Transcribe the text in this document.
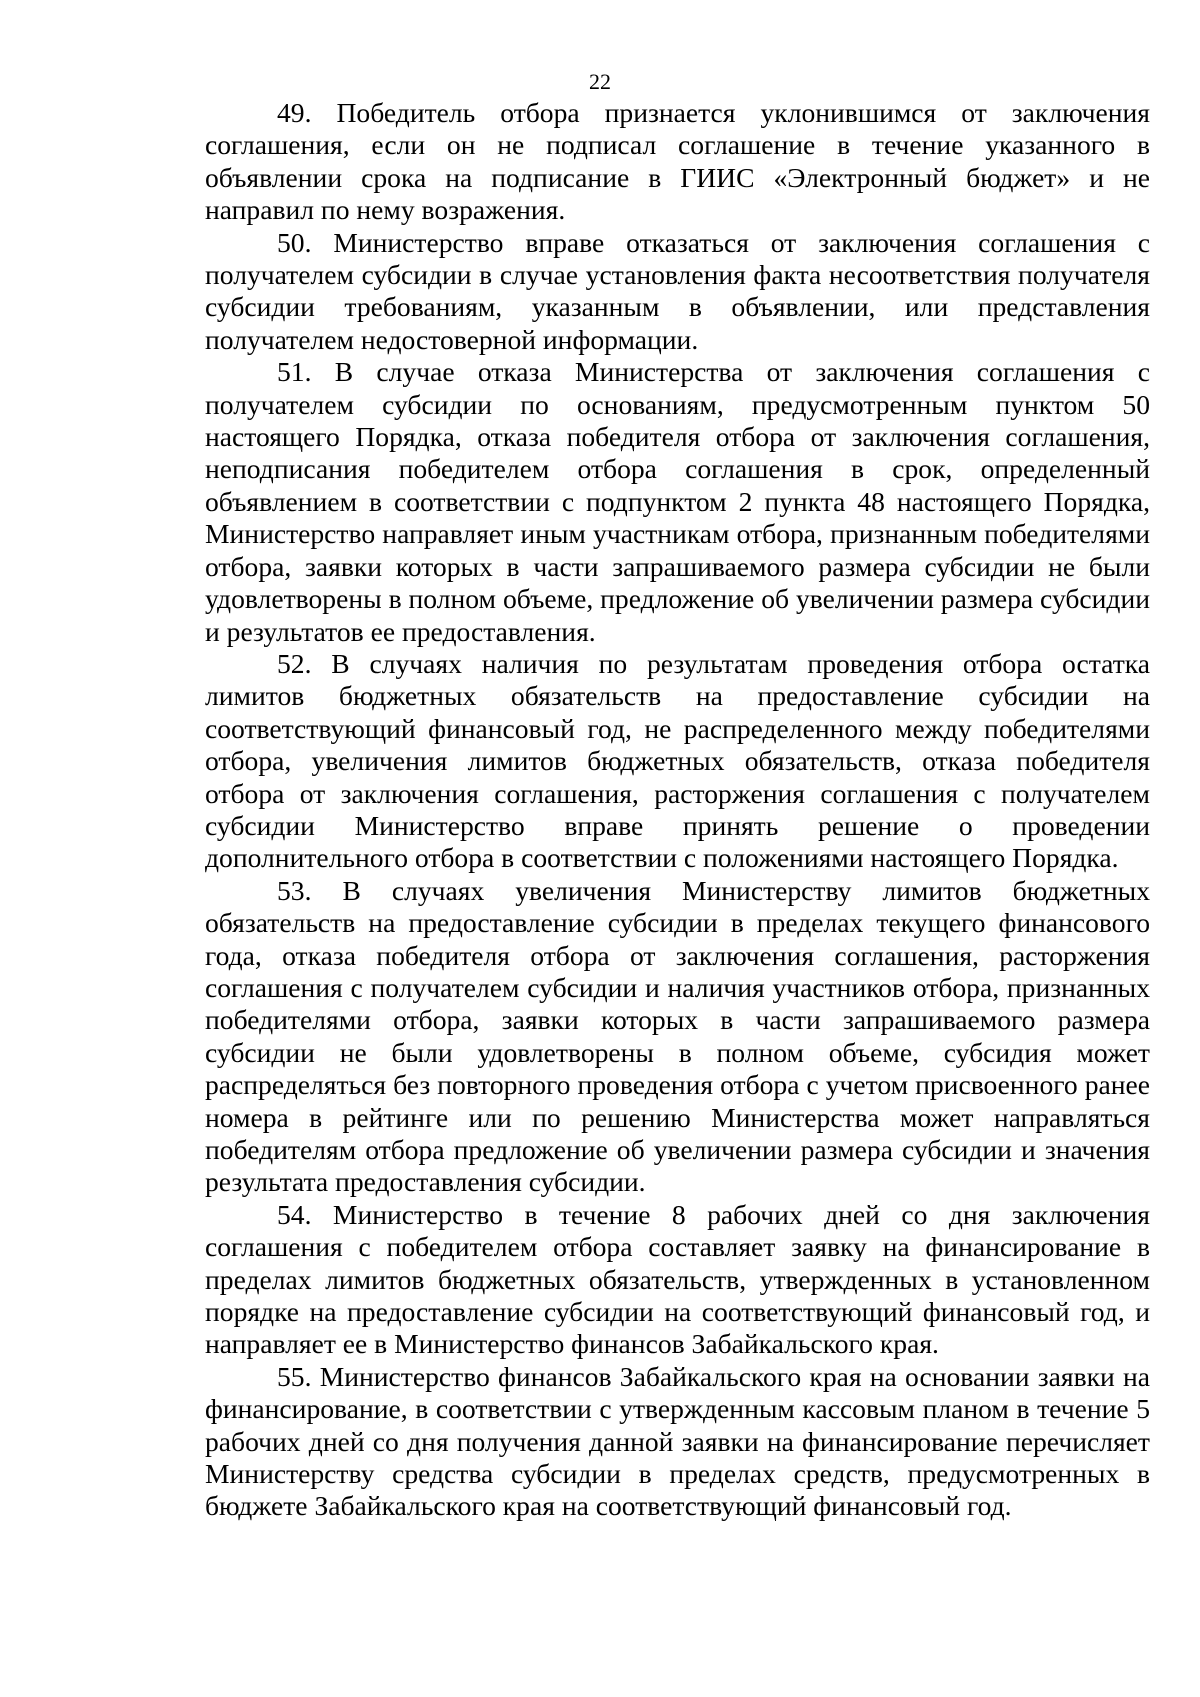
22

49. Победитель отбора признается уклонившимся от заключения соглашения, если он не подписал соглашение в течение указанного в объявлении срока на подписание в ГИИС «Электронный бюджет» и не направил по нему возражения.

50. Министерство вправе отказаться от заключения соглашения с получателем субсидии в случае установления факта несоответствия получателя субсидии требованиям, указанным в объявлении, или представления получателем недостоверной информации.

51. В случае отказа Министерства от заключения соглашения с получателем субсидии по основаниям, предусмотренным пунктом 50 настоящего Порядка, отказа победителя отбора от заключения соглашения, неподписания победителем отбора соглашения в срок, определенный объявлением в соответствии с подпунктом 2 пункта 48 настоящего Порядка, Министерство направляет иным участникам отбора, признанным победителями отбора, заявки которых в части запрашиваемого размера субсидии не были удовлетворены в полном объеме, предложение об увеличении размера субсидии и результатов ее предоставления.

52. В случаях наличия по результатам проведения отбора остатка лимитов бюджетных обязательств на предоставление субсидии на соответствующий финансовый год, не распределенного между победителями отбора, увеличения лимитов бюджетных обязательств, отказа победителя отбора от заключения соглашения, расторжения соглашения с получателем субсидии Министерство вправе принять решение о проведении дополнительного отбора в соответствии с положениями настоящего Порядка.

53. В случаях увеличения Министерству лимитов бюджетных обязательств на предоставление субсидии в пределах текущего финансового года, отказа победителя отбора от заключения соглашения, расторжения соглашения с получателем субсидии и наличия участников отбора, признанных победителями отбора, заявки которых в части запрашиваемого размера субсидии не были удовлетворены в полном объеме, субсидия может распределяться без повторного проведения отбора с учетом присвоенного ранее номера в рейтинге или по решению Министерства может направляться победителям отбора предложение об увеличении размера субсидии и значения результата предоставления субсидии.

54. Министерство в течение 8 рабочих дней со дня заключения соглашения с победителем отбора составляет заявку на финансирование в пределах лимитов бюджетных обязательств, утвержденных в установленном порядке на предоставление субсидии на соответствующий финансовый год, и направляет ее в Министерство финансов Забайкальского края.

55. Министерство финансов Забайкальского края на основании заявки на финансирование, в соответствии с утвержденным кассовым планом в течение 5 рабочих дней со дня получения данной заявки на финансирование перечисляет Министерству средства субсидии в пределах средств, предусмотренных в бюджете Забайкальского края на соответствующий финансовый год.
